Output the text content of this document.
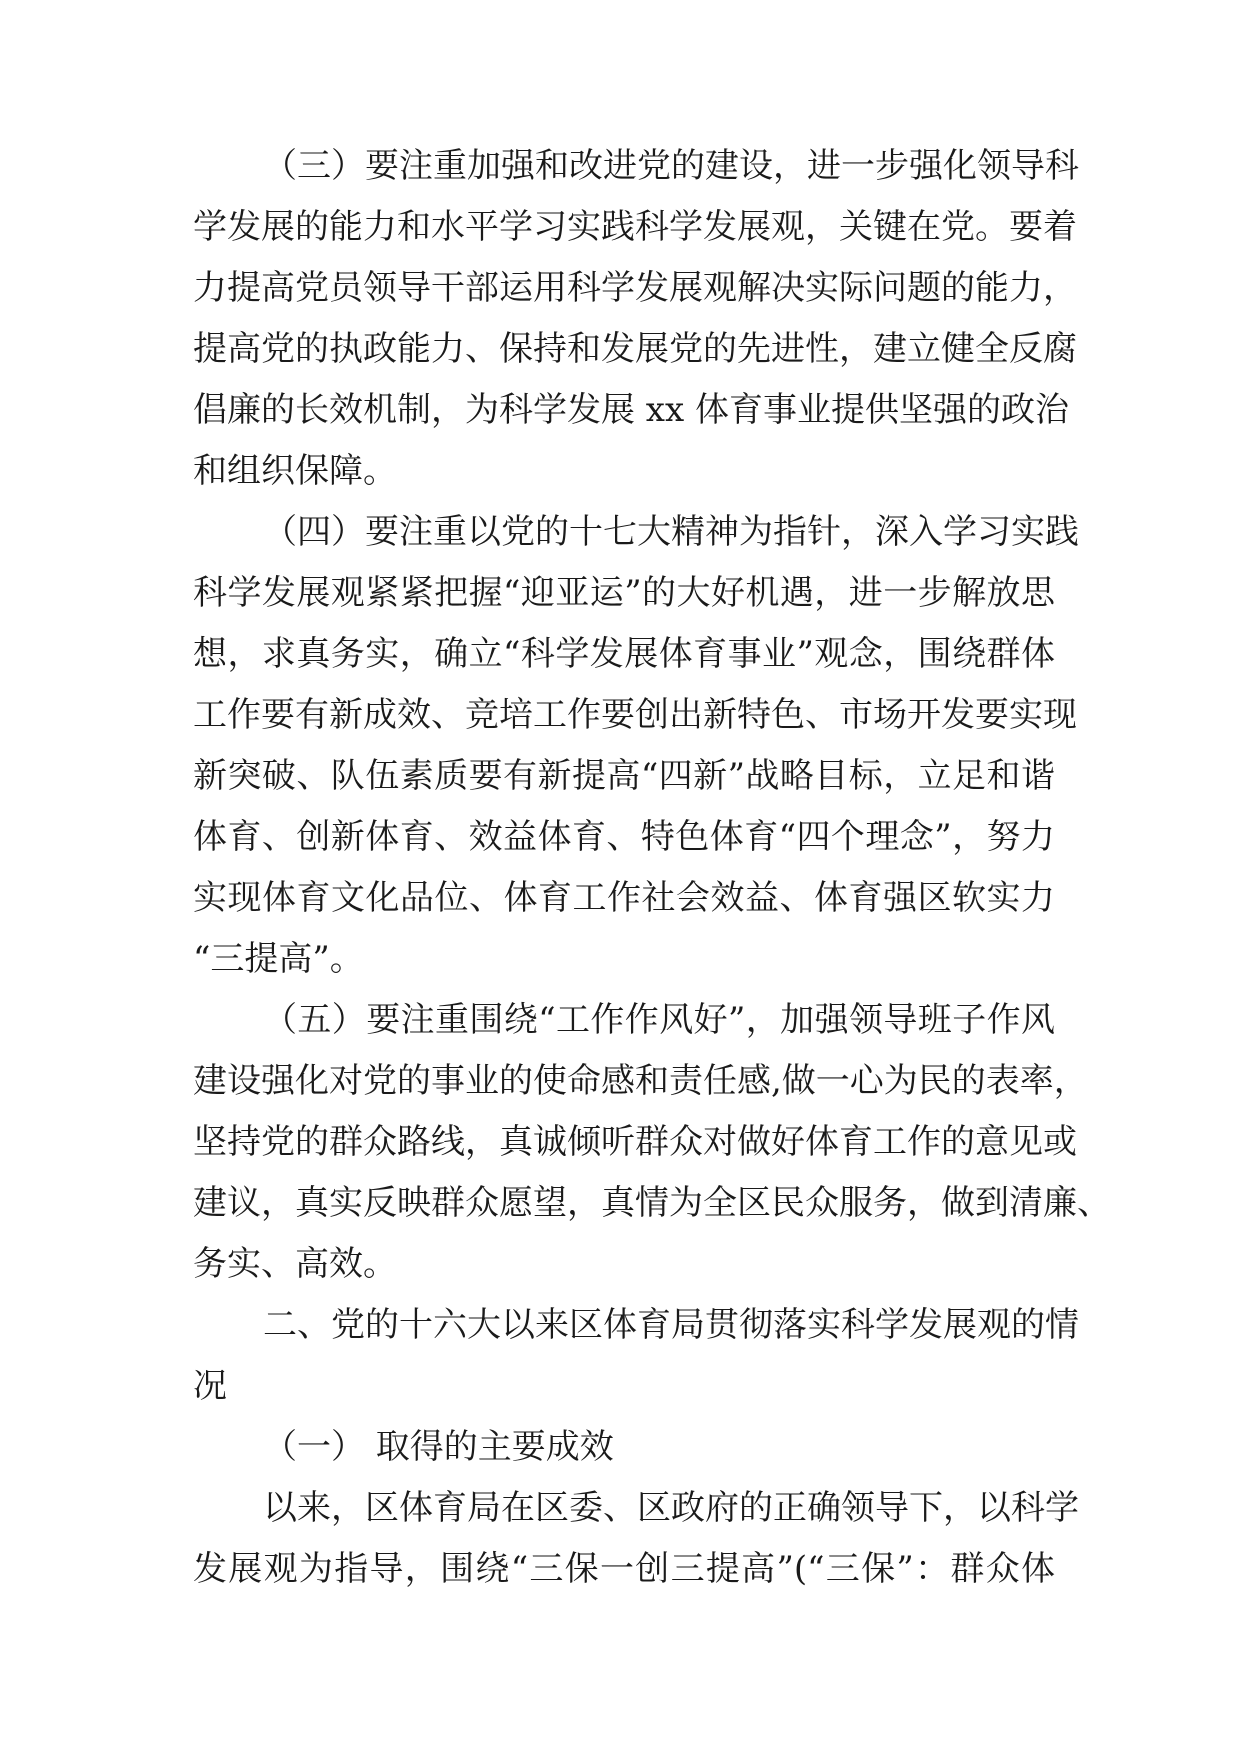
（三）要注重加强和改进党的建设，进一步强化领导科
学发展的能力和水平学习实践科学发展观，关键在党。要着
力提高党员领导干部运用科学发展观解决实际问题的能力，
提高党的执政能力、保持和发展党的先进性，建立健全反腐
倡廉的长效机制，为科学发展 xx 体育事业提供坚强的政治
和组织保障。
（四）要注重以党的十七大精神为指针，深入学习实践
科学发展观紧紧把握“迎亚运”的大好机遇，进一步解放思
想，求真务实，确立“科学发展体育事业”观念，围绕群体
工作要有新成效、竞培工作要创出新特色、市场开发要实现
新突破、队伍素质要有新提高“四新”战略目标，立足和谐
体育、创新体育、效益体育、特色体育“四个理念”，努力
实现体育文化品位、体育工作社会效益、体育强区软实力
“三提高”。
（五）要注重围绕“工作作风好”，加强领导班子作风
建设强化对党的事业的使命感和责任感,做一心为民的表率，
坚持党的群众路线，真诚倾听群众对做好体育工作的意见或
建议，真实反映群众愿望，真情为全区民众服务，做到清廉、
务实、高效。
二、党的十六大以来区体育局贯彻落实科学发展观的情
况
（一） 取得的主要成效
以来，区体育局在区委、区政府的正确领导下，以科学
发展观为指导，围绕“三保一创三提高”(“三保”：群众体
